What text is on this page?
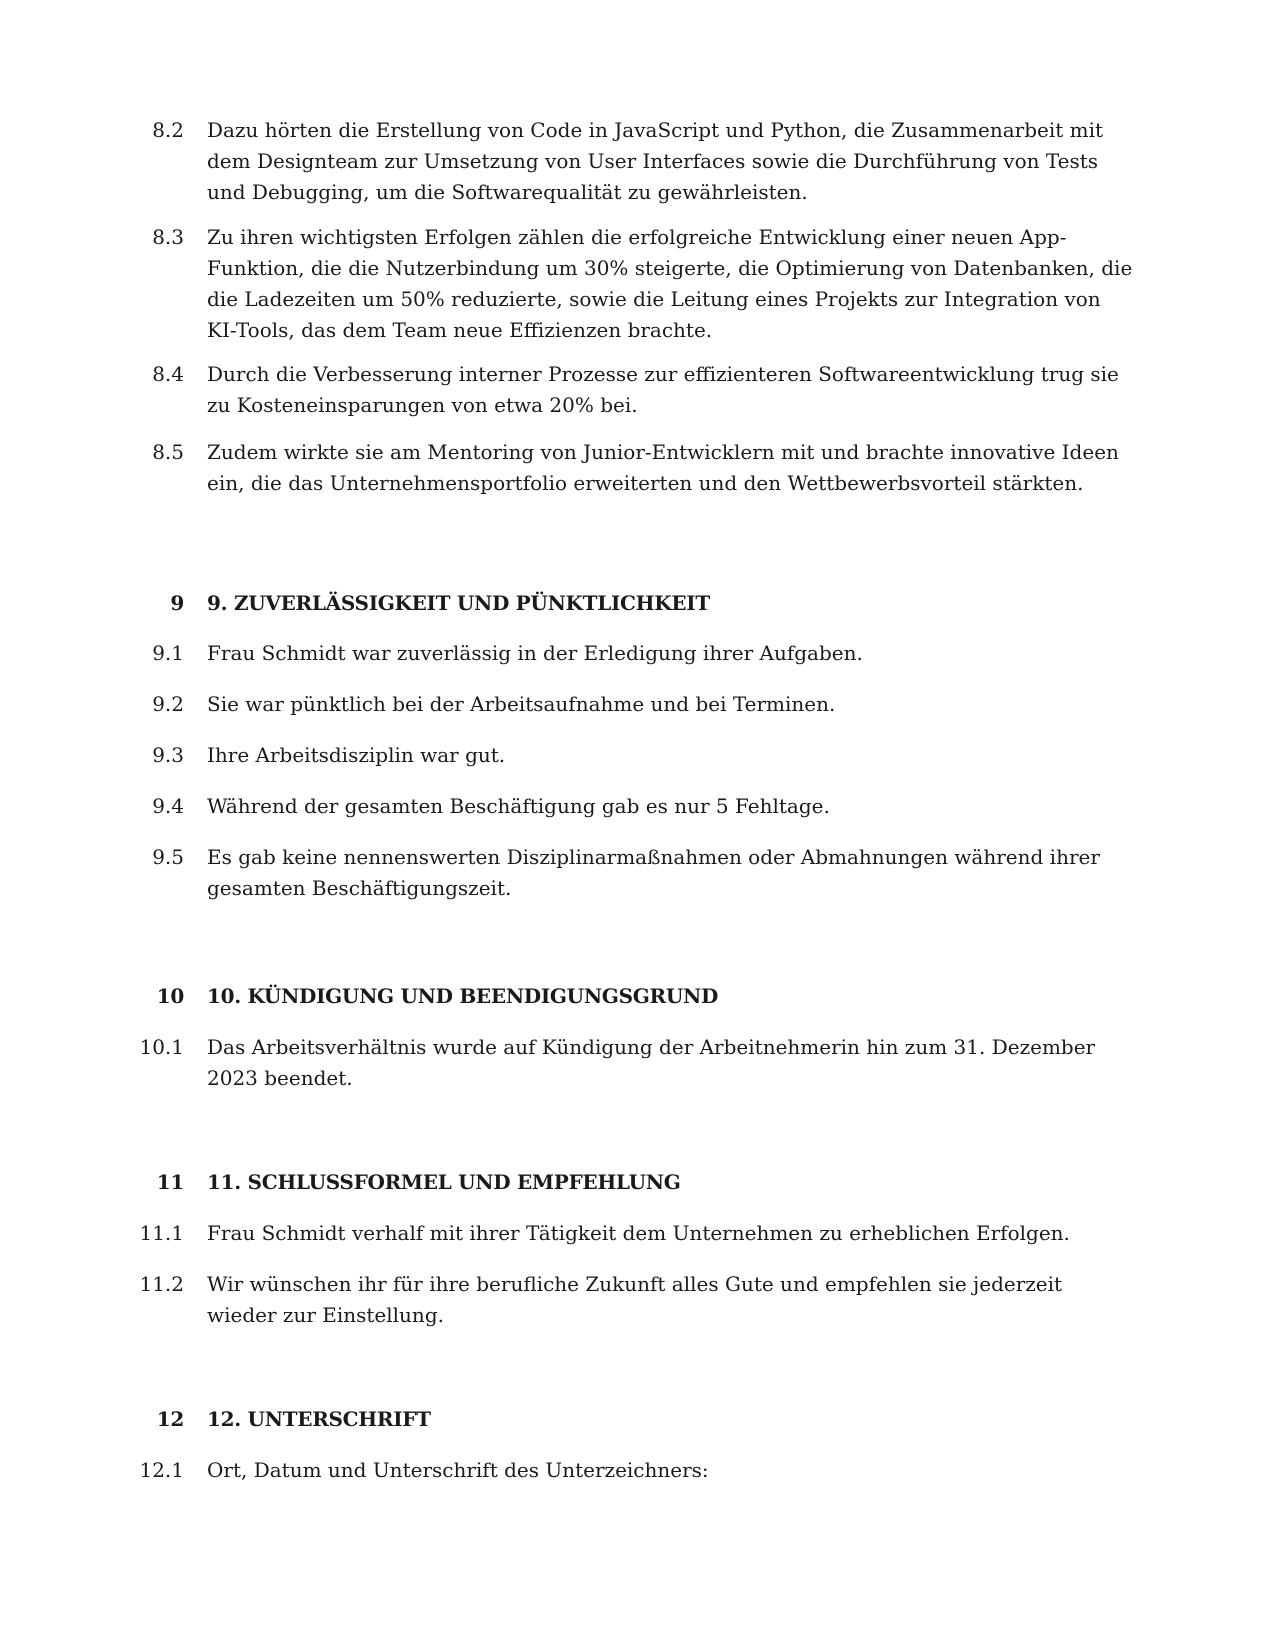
8.2 Dazu hörten die Erstellung von Code in JavaScript und Python, die Zusammenarbeit mit dem Designteam zur Umsetzung von User Interfaces sowie die Durchführung von Tests und Debugging, um die Softwarequalität zu gewährleisten.
8.3 Zu ihren wichtigsten Erfolgen zählen die erfolgreiche Entwicklung einer neuen App-Funktion, die die Nutzerbindung um 30% steigerte, die Optimierung von Datenbanken, die die Ladezeiten um 50% reduzierte, sowie die Leitung eines Projekts zur Integration von KI-Tools, das dem Team neue Effizienzen brachte.
8.4 Durch die Verbesserung interner Prozesse zur effizienteren Softwareentwicklung trug sie zu Kosteneinsparungen von etwa 20% bei.
8.5 Zudem wirkte sie am Mentoring von Junior-Entwicklern mit und brachte innovative Ideen ein, die das Unternehmensportfolio erweiterten und den Wettbewerbsvorteil stärkten.
9 9. ZUVERLÄSSIGKEIT UND PÜNKTLICHKEIT
9.1 Frau Schmidt war zuverlässig in der Erledigung ihrer Aufgaben.
9.2 Sie war pünktlich bei der Arbeitsaufnahme und bei Terminen.
9.3 Ihre Arbeitsdisziplin war gut.
9.4 Während der gesamten Beschäftigung gab es nur 5 Fehltage.
9.5 Es gab keine nennenswerten Disziplinarmaßnahmen oder Abmahnungen während ihrer gesamten Beschäftigungszeit.
10 10. KÜNDIGUNG UND BEENDIGUNGSGRUND
10.1 Das Arbeitsverhältnis wurde auf Kündigung der Arbeitnehmerin hin zum 31. Dezember 2023 beendet.
11 11. SCHLUSSFORMEL UND EMPFEHLUNG
11.1 Frau Schmidt verhalf mit ihrer Tätigkeit dem Unternehmen zu erheblichen Erfolgen.
11.2 Wir wünschen ihr für ihre berufliche Zukunft alles Gute und empfehlen sie jederzeit wieder zur Einstellung.
12 12. UNTERSCHRIFT
12.1 Ort, Datum und Unterschrift des Unterzeichners:
